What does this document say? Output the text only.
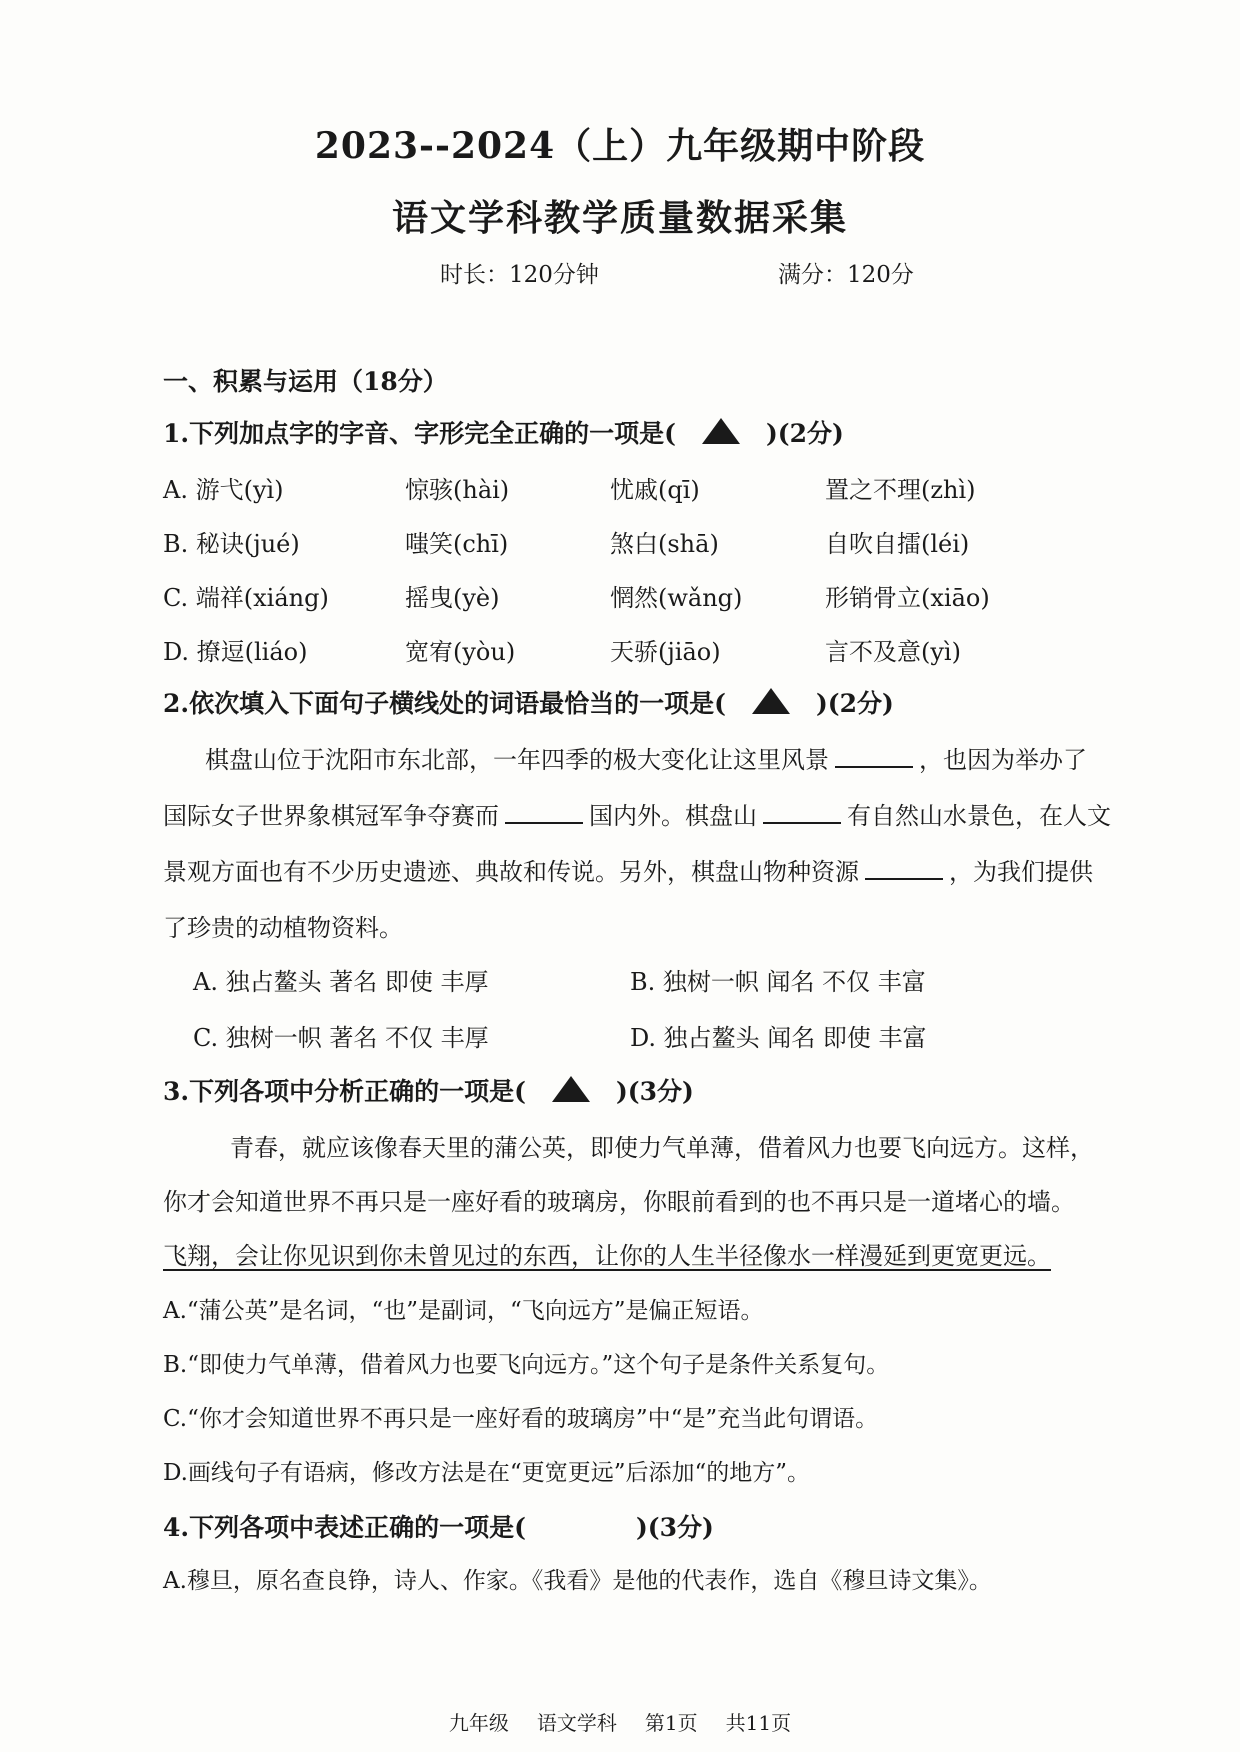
2023--2024（上）九年级期中阶段
语文学科教学质量数据采集
时长：120分钟	满分：120分
一、积累与运用（18分）
1.下列加点字的字音、字形完全正确的一项是(	)(2分)
A. 游弋(yì)	惊骇(hài)	忧戚(qī)	置之不理(zhì)
B. 秘诀(jué)	嗤笑(chī)	煞白(shā)	自吹自擂(léi)
C. 端祥(xiáng)	摇曳(yè)	惘然(wǎng)	形销骨立(xiāo)
D. 撩逗(liáo)	宽宥(yòu)	天骄(jiāo)	言不及意(yì)
2.依次填入下面句子横线处的词语最恰当的一项是(	)(2分)
棋盘山位于沈阳市东北部，一年四季的极大变化让这里风景	，也因为举办了
国际女子世界象棋冠军争夺赛而	国内外。棋盘山	有自然山水景色，在人文
景观方面也有不少历史遗迹、典故和传说。另外，棋盘山物种资源	，为我们提供
了珍贵的动植物资料。
A. 独占鳌头 著名 即使 丰厚	B. 独树一帜 闻名 不仅 丰富
C. 独树一帜 著名 不仅 丰厚	D. 独占鳌头 闻名 即使 丰富
3.下列各项中分析正确的一项是(	)(3分)
青春，就应该像春天里的蒲公英，即使力气单薄，借着风力也要飞向远方。这样，
你才会知道世界不再只是一座好看的玻璃房，你眼前看到的也不再只是一道堵心的墙。
飞翔，会让你见识到你未曾见过的东西，让你的人生半径像水一样漫延到更宽更远。
A.“蒲公英”是名词，“也”是副词，“飞向远方”是偏正短语。
B.“即使力气单薄，借着风力也要飞向远方。”这个句子是条件关系复句。
C.“你才会知道世界不再只是一座好看的玻璃房”中“是”充当此句谓语。
D.画线句子有语病，修改方法是在“更宽更远”后添加“的地方”。
4.下列各项中表述正确的一项是(	)(3分)
A.穆旦，原名查良铮，诗人、作家。《我看》是他的代表作，选自《穆旦诗文集》。
九年级 语文学科 第1页 共11页
